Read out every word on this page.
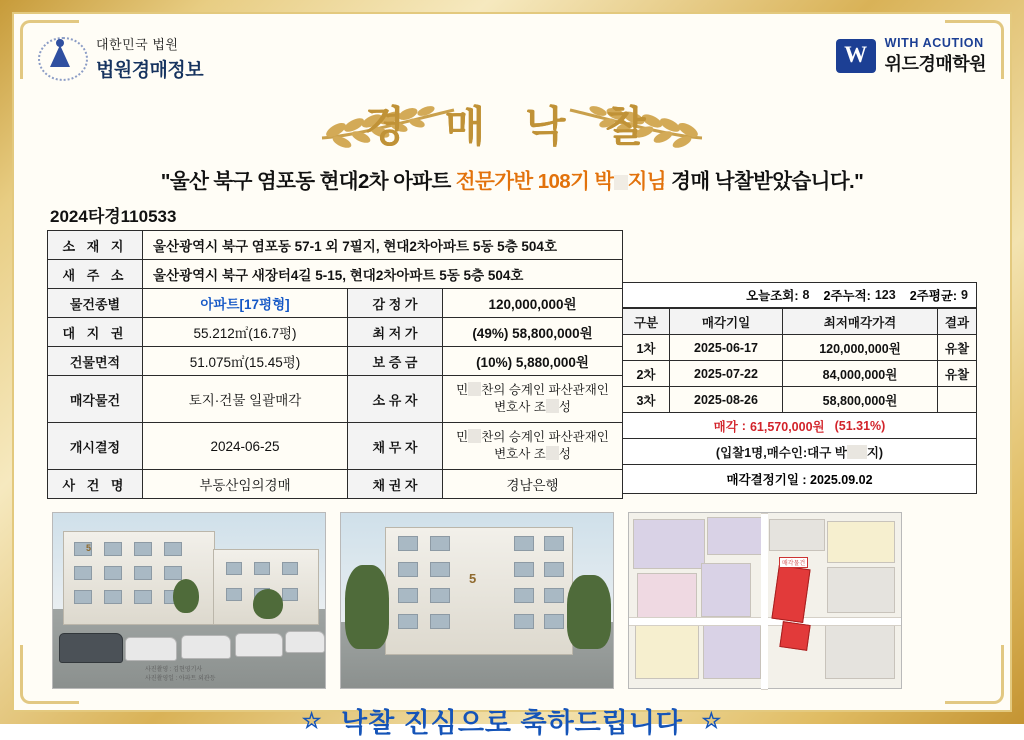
대한민국 법원
법원경매정보
W
WITH ACUTION
위드경매학원
경 매 낙 찰
"울산 북구 염포동 현대2차 아파트 전문가반 108기 박 지님 경매 낙찰받았습니다."
2024타경110533
소 재 지	울산광역시 북구 염포동 57-1 외 7필지, 현대2차아파트 5동 5층 504호		
새 주 소	울산광역시 북구 새장터4길 5-15, 현대2차아파트 5동 5층 504호		
물건종별	아파트[17평형]	감 정 가	120,000,000원
대 지 권	55.212㎡(16.7평)	최 저 가	(49%) 58,800,000원
건물면적	51.075㎡(15.45평)	보 증 금	(10%) 5,880,000원
매각물건	토지·건물 일괄매각	소 유 자	민 찬의 승계인 파산관재인
변호사 조 성
개시결정	2024-06-25	채 무 자	민 찬의 승계인 파산관재인
변호사 조 성
사 건 명	부동산임의경매	채 권 자	경남은행
오늘조회: 8 2주누적: 123 2주평균: 9
구분	매각기일	최저매각가격	결과
1차	2025-06-17	120,000,000원	유찰
2차	2025-07-22	84,000,000원	유찰
3차	2025-08-26	58,800,000원	
매각 : 61,570,000원 (51.31%)
(입찰1명,매수인:대구 박 지)
매각결정기일 : 2025.09.02
5
사진촬영 : 김현영기사
사진촬영일 : 아파트 외관등
5
매각물건
☆ 낙찰 진심으로 축하드립니다 ☆
